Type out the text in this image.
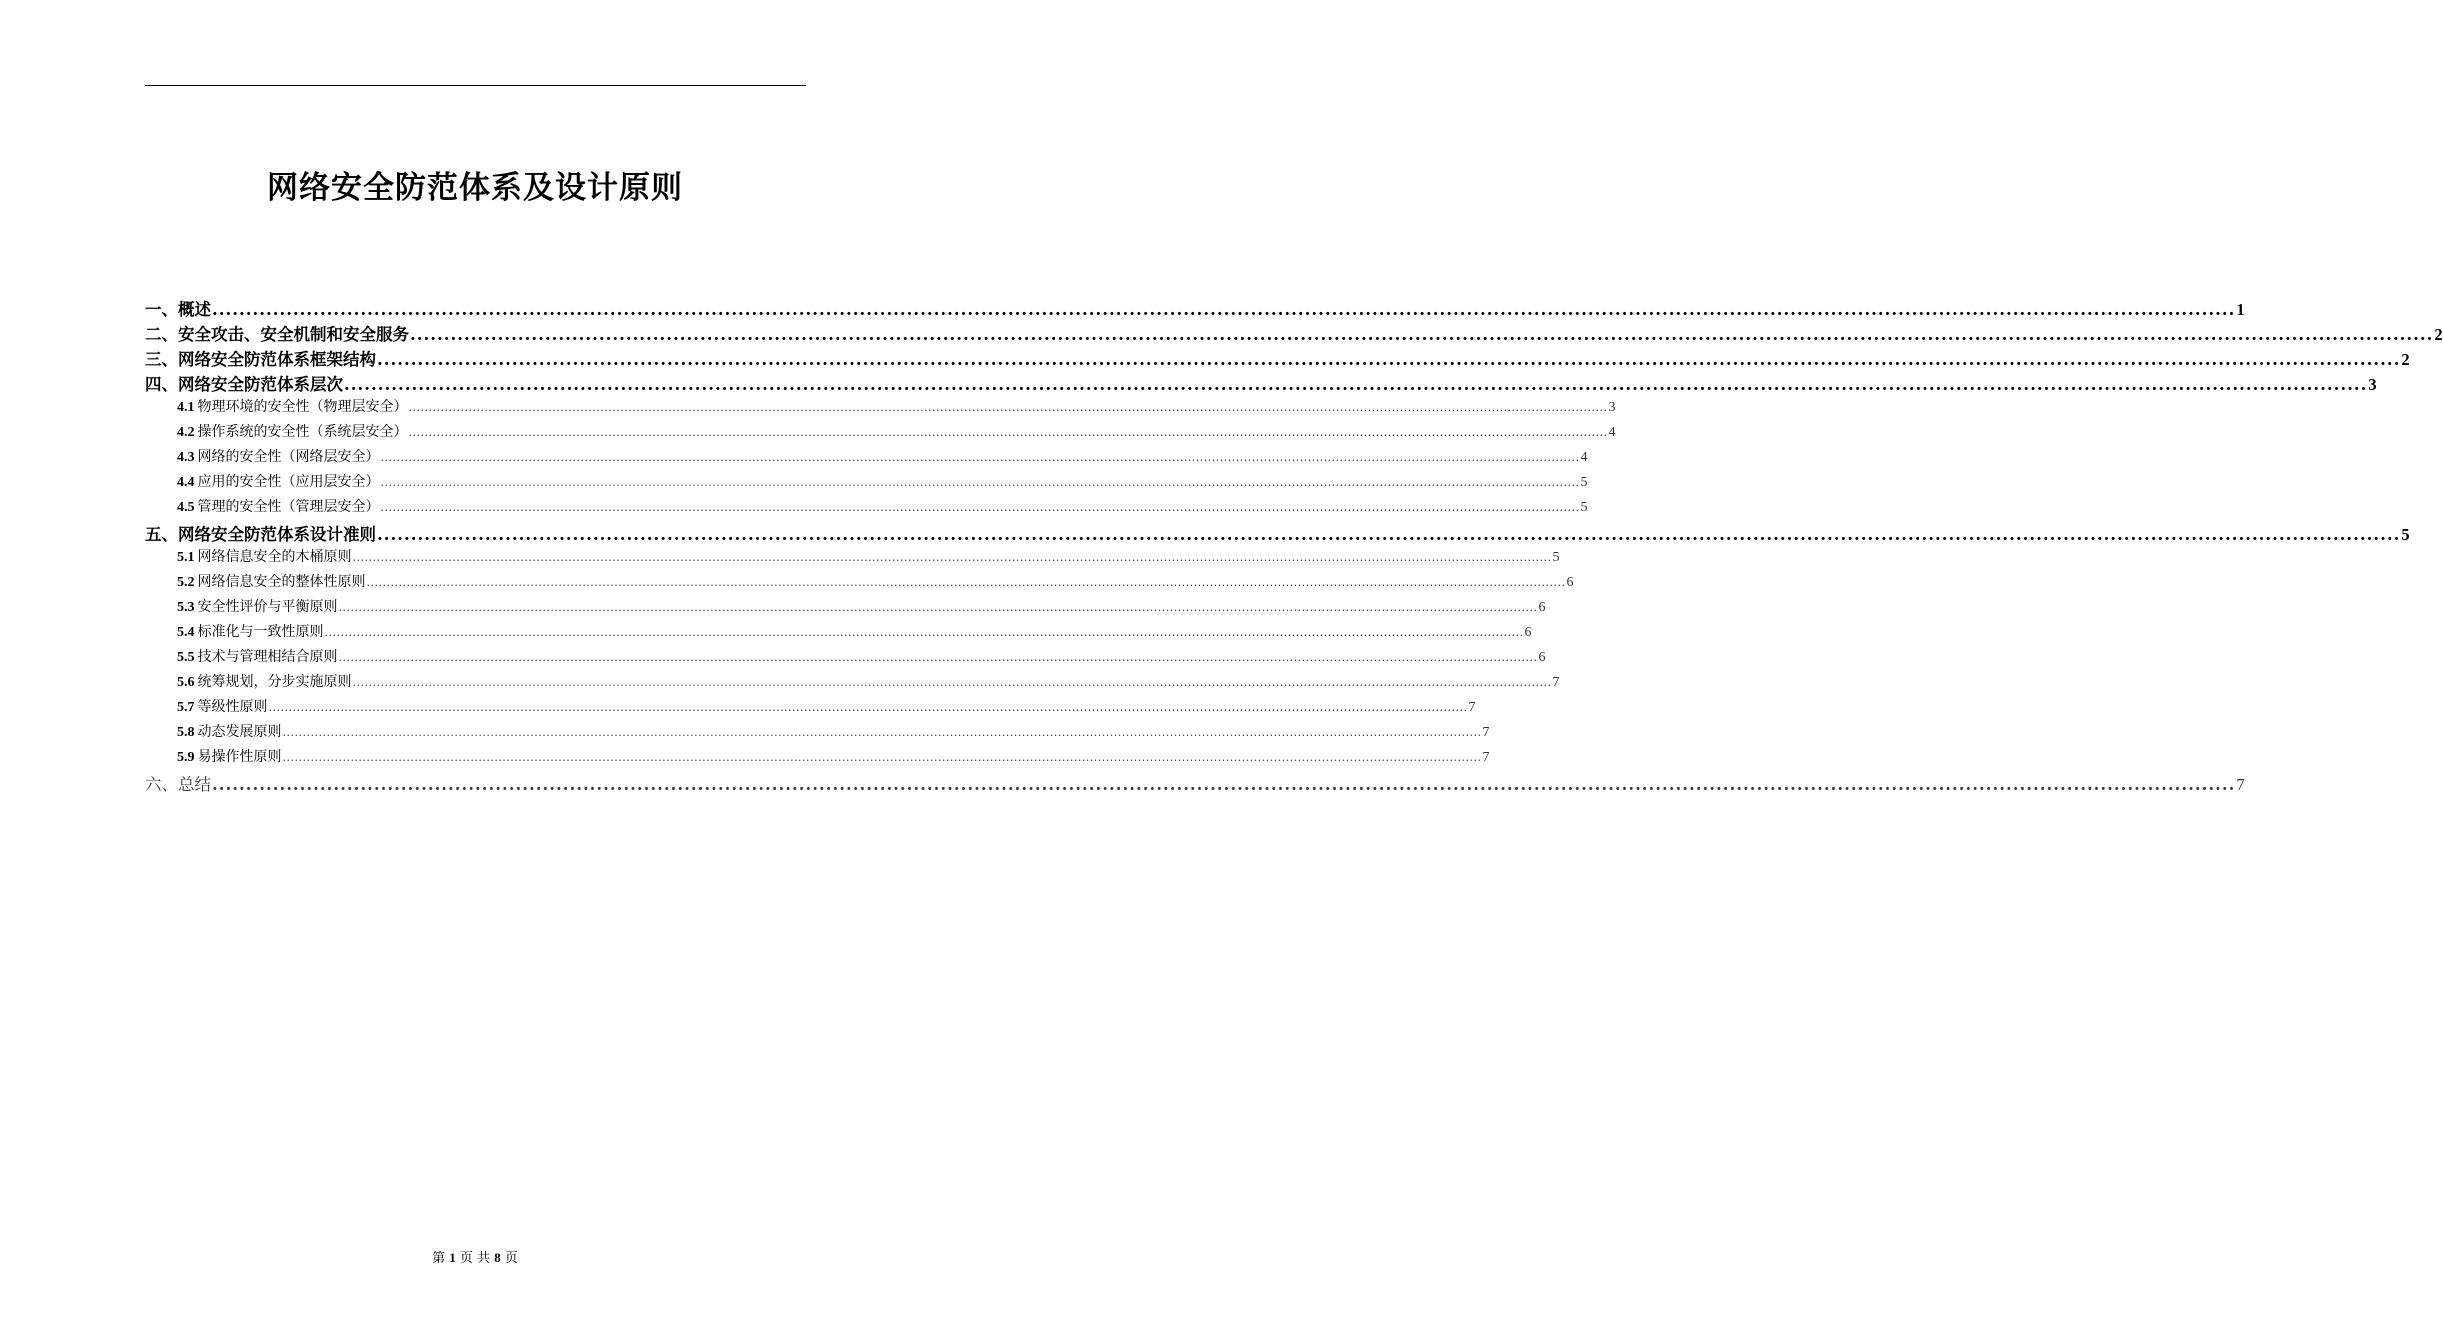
网络安全防范体系及设计原则
一、概述 ............................................................................................................................................................................................................................................................................................................ 1
二、安全攻击、安全机制和安全服务 ............................................................................................................................................................................................................................................................................................................ 2
三、网络安全防范体系框架结构 ............................................................................................................................................................................................................................................................................................................ 2
四、网络安全防范体系层次 ............................................................................................................................................................................................................................................................................................................ 3
4.1 物理环境的安全性（物理层安全） ............................................................................................................................................................................................................................................................................................................ 3
4.2 操作系统的安全性（系统层安全） ............................................................................................................................................................................................................................................................................................................ 4
4.3 网络的安全性（网络层安全） ............................................................................................................................................................................................................................................................................................................ 4
4.4 应用的安全性（应用层安全） ............................................................................................................................................................................................................................................................................................................ 5
4.5 管理的安全性（管理层安全） ............................................................................................................................................................................................................................................................................................................ 5
五、网络安全防范体系设计准则 ............................................................................................................................................................................................................................................................................................................ 5
5.1 网络信息安全的木桶原则 ............................................................................................................................................................................................................................................................................................................ 5
5.2 网络信息安全的整体性原则 ............................................................................................................................................................................................................................................................................................................ 6
5.3 安全性评价与平衡原则 ............................................................................................................................................................................................................................................................................................................ 6
5.4 标准化与一致性原则 ............................................................................................................................................................................................................................................................................................................ 6
5.5 技术与管理相结合原则 ............................................................................................................................................................................................................................................................................................................ 6
5.6 统筹规划，分步实施原则 ............................................................................................................................................................................................................................................................................................................ 7
5.7 等级性原则 ............................................................................................................................................................................................................................................................................................................ 7
5.8 动态发展原则 ............................................................................................................................................................................................................................................................................................................ 7
5.9 易操作性原则 ............................................................................................................................................................................................................................................................................................................ 7
六、总结 ............................................................................................................................................................................................................................................................................................................ 7
第 1 页 共 8 页
